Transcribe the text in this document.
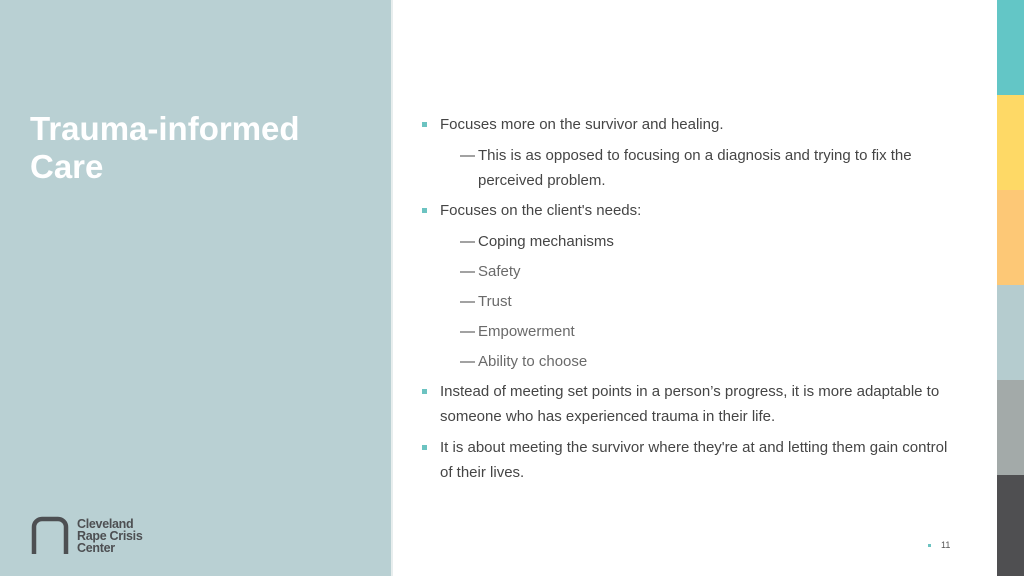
Trauma-informed
Care
Cleveland
Rape Crisis
Center
Focuses more on the survivor and healing.
— This is as opposed to focusing on a diagnosis and trying to fix the perceived problem.
Focuses on the client's needs:
— Coping mechanisms
— Safety
— Trust
— Empowerment
— Ability to choose
Instead of meeting set points in a person’s progress, it is more adaptable to someone who has experienced trauma in their life.
It is about meeting the survivor where they're at and letting them gain control of their lives.
11
